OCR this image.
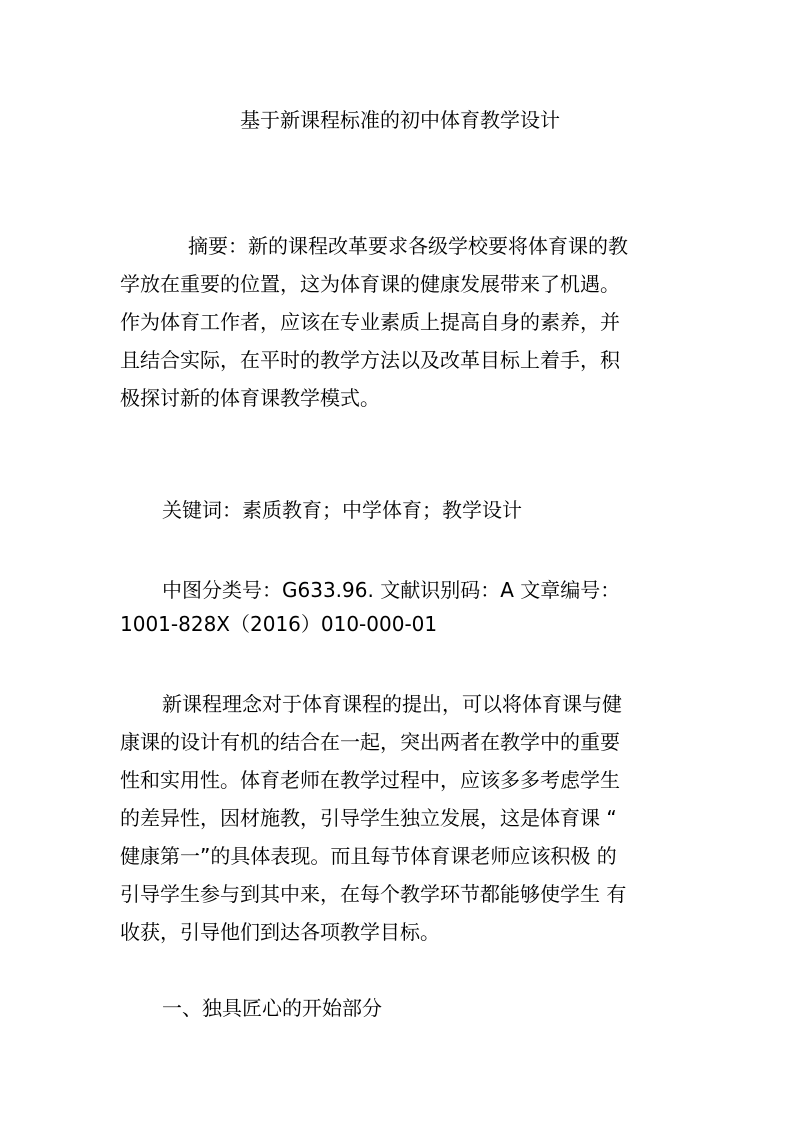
基于新课程标准的初中体育教学设计
摘要：新的课程改革要求各级学校要将体育课的教
学放在重要的位置，这为体育课的健康发展带来了机遇。
作为体育工作者，应该在专业素质上提高自身的素养，并
且结合实际，在平时的教学方法以及改革目标上着手，积
极探讨新的体育课教学模式。
关键词：素质教育；中学体育；教学设计
中图分类号：G633.96. 文献识别码：A 文章编号：
1001-828X（2016）010-000-01
新课程理念对于体育课程的提出，可以将体育课与健
康课的设计有机的结合在一起，突出两者在教学中的重要
性和实用性。体育老师在教学过程中，应该多多考虑学生
的差异性，因材施教，引导学生独立发展，这是体育课 “
健康第一”的具体表现。而且每节体育课老师应该积极 的
引导学生参与到其中来，在每个教学环节都能够使学生 有
收获，引导他们到达各项教学目标。
一、独具匠心的开始部分
